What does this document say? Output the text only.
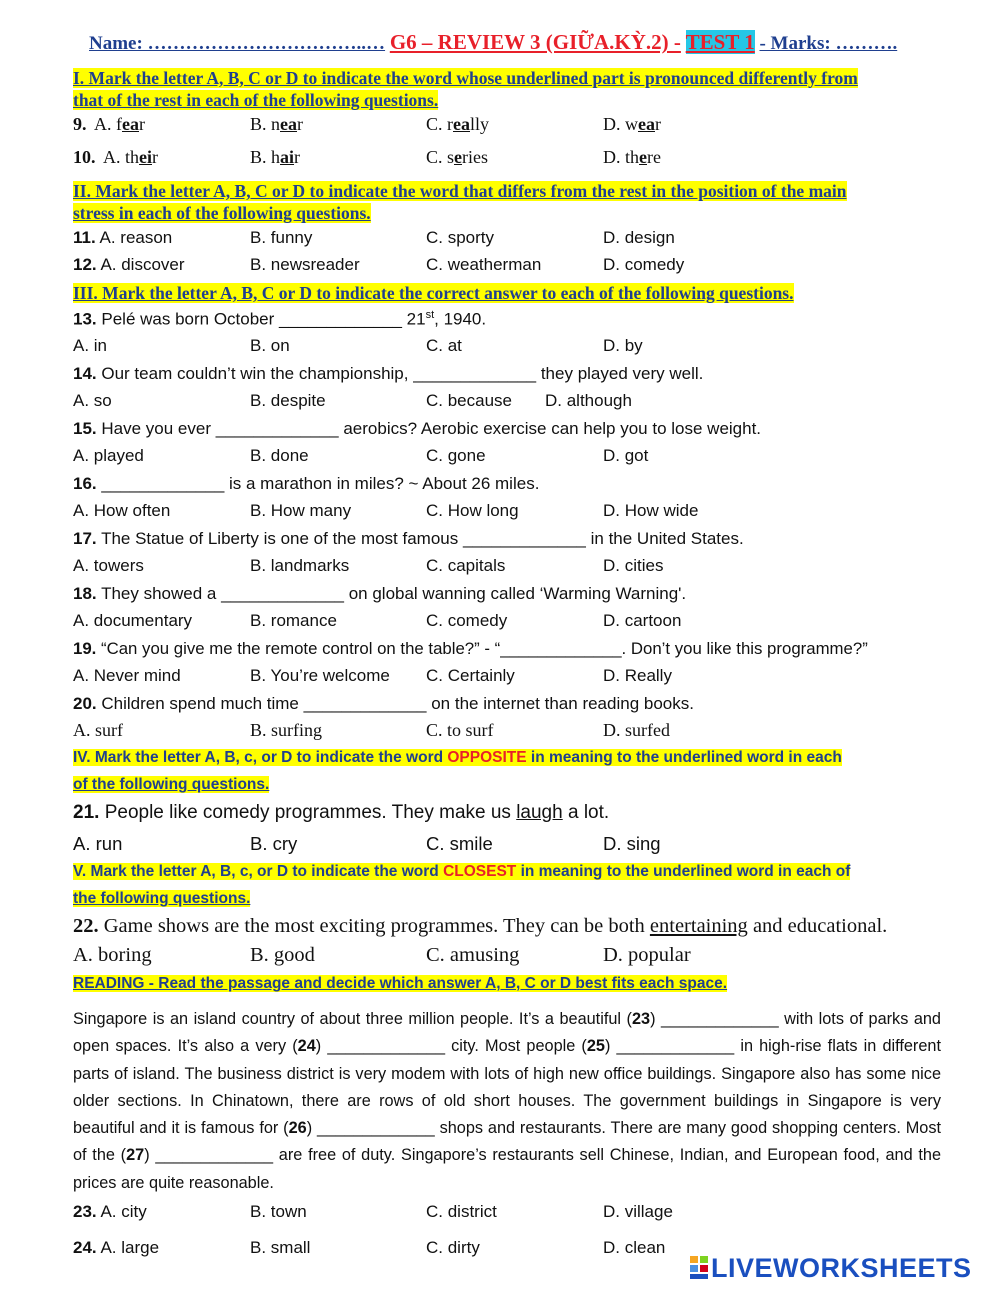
Name: ……………………………..… G6 – REVIEW 3 (GIỮA.KỲ.2) - TEST 1 - Marks: ……….
I. Mark the letter A, B, C or D to indicate the word whose underlined part is pronounced differently from
that of the rest in each of the following questions.
9. A. fear	B. near	C. really	D. wear
10. A. their	B. hair	C. series	D. there
II. Mark the letter A, B, C or D to indicate the word that differs from the rest in the position of the main
stress in each of the following questions.
11. A. reason	B. funny	C. sporty	D. design
12. A. discover	B. newsreader	C. weatherman	D. comedy
III. Mark the letter A, B, C or D to indicate the correct answer to each of the following questions.
13. Pelé was born October _____________ 21st, 1940.
A. in	B. on	C. at	D. by
14. Our team couldn’t win the championship, _____________ they played very well.
A. so	B. despite	C. because D. although
15. Have you ever _____________ aerobics? Aerobic exercise can help you to lose weight.
A. played	B. done	C. gone	D. got
16. _____________ is a marathon in miles? ~ About 26 miles.
A. How often	B. How many	C. How long	D. How wide
17. The Statue of Liberty is one of the most famous _____________ in the United States.
A. towers	B. landmarks	C. capitals	D. cities
18. They showed a _____________ on global wanning called ‘Warming Warning'.
A. documentary	B. romance	C. comedy	D. cartoon
19. “Can you give me the remote control on the table?” - “_____________. Don’t you like this programme?”
A. Never mind	B. You’re welcome C. Certainly	D. Really
20. Children spend much time _____________ on the internet than reading books.
A. surf	B. surfing	C. to surf	D. surfed
IV. Mark the letter A, B, c, or D to indicate the word OPPOSITE in meaning to the underlined word in each
of the following questions.
21. People like comedy programmes. They make us laugh a lot.
A. run	B. cry	C. smile	D. sing
V. Mark the letter A, B, c, or D to indicate the word CLOSEST in meaning to the underlined word in each of
the following questions.
22. Game shows are the most exciting programmes. They can be both entertaining and educational.
A. boring	B. good	C. amusing	D. popular
READING - Read the passage and decide which answer A, B, C or D best fits each space.
Singapore is an island country of about three million people. It’s a beautiful (23) _____________ with lots of parks and open spaces. It’s also a very (24) _____________ city. Most people (25) _____________ in high-rise flats in different parts of island. The business district is very modem with lots of high new office buildings. Singapore also has some nice older sections. In Chinatown, there are rows of old short houses. The government buildings in Singapore is very beautiful and it is famous for (26) _____________ shops and restaurants. There are many good shopping centers. Most of the (27) _____________ are free of duty. Singapore’s restaurants sell Chinese, Indian, and European food, and the prices are quite reasonable.
23. A. city	B. town	C. district	D. village
24. A. large	B. small	C. dirty	D. clean
LIVEWORKSHEETS
